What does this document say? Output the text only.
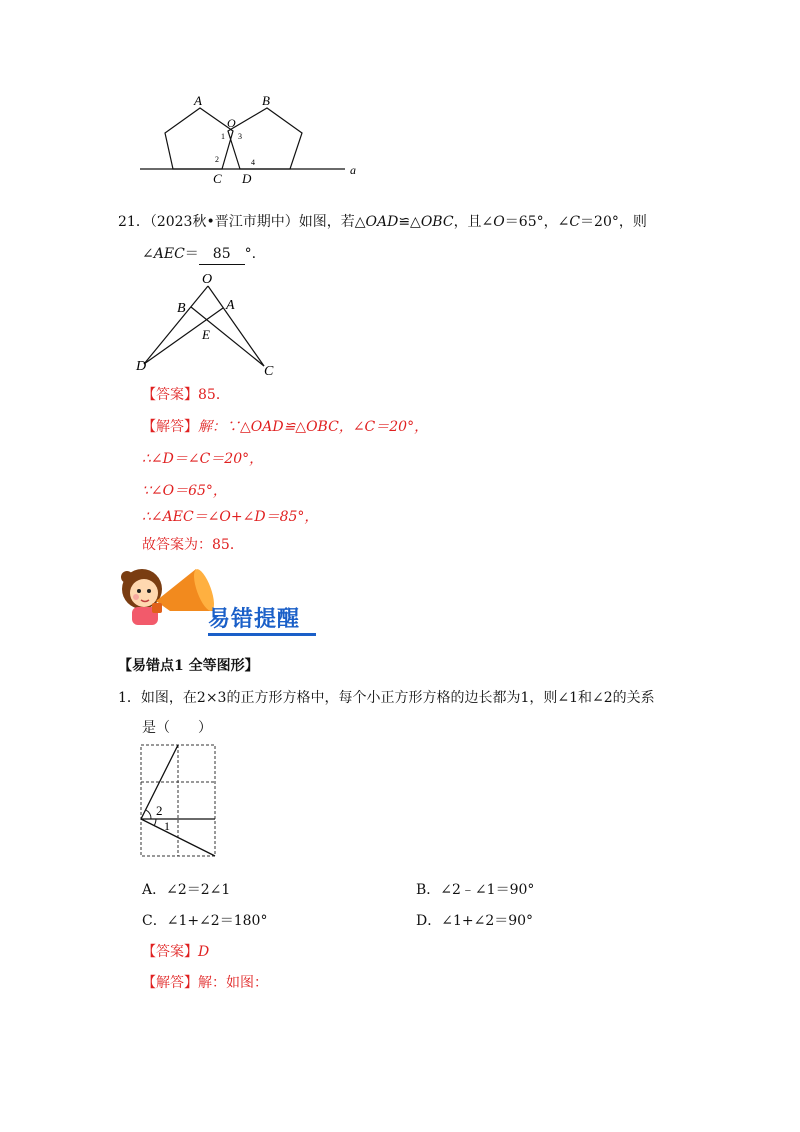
A	B
O
1 3
2	4
C D
a
21．（2023秋•晋江市期中）如图，若△OAD≌△OBC，且∠O＝65°，∠C＝20°，则
∠AEC＝ 85 °.
O
B	A
E
D	C
【答案】85．
【解答】解：∵△OAD≌△OBC，∠C＝20°，
∴∠D＝∠C＝20°，
∵∠O＝65°，
∴∠AEC＝∠O+∠D＝85°，
故答案为：85．
易错提醒
【易错点1 全等图形】
1．如图，在2×3的正方形方格中，每个小正方形方格的边长都为1，则∠1和∠2的关系
是（　　）
2
1
A．∠2＝2∠1	B．∠2﹣∠1＝90°
C．∠1+∠2＝180°	D．∠1+∠2＝90°
【答案】D
【解答】解：如图：
